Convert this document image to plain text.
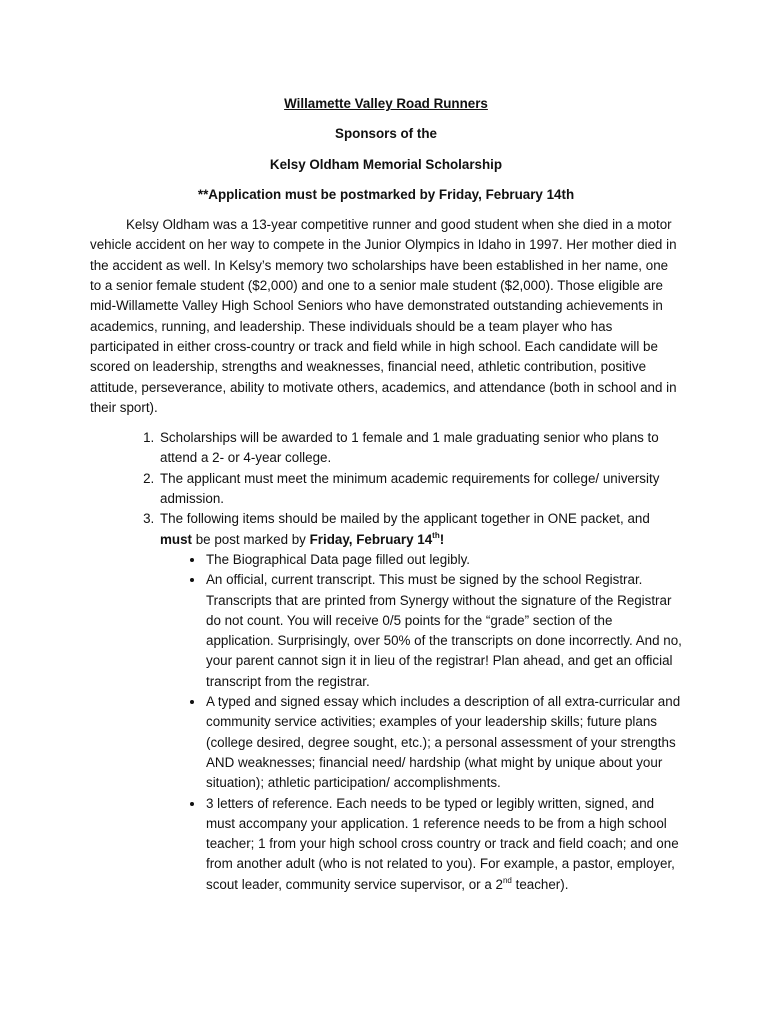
Willamette Valley Road Runners

Sponsors of the

Kelsy Oldham Memorial Scholarship

**Application must be postmarked by Friday, February 14th

Kelsy Oldham was a 13-year competitive runner and good student when she died in a motor vehicle accident on her way to compete in the Junior Olympics in Idaho in 1997. Her mother died in the accident as well. In Kelsy’s memory two scholarships have been established in her name, one to a senior female student ($2,000) and one to a senior male student ($2,000). Those eligible are mid-Willamette Valley High School Seniors who have demonstrated outstanding achievements in academics, running, and leadership. These individuals should be a team player who has participated in either cross-country or track and field while in high school. Each candidate will be scored on leadership, strengths and weaknesses, financial need, athletic contribution, positive attitude, perseverance, ability to motivate others, academics, and attendance (both in school and in their sport).

1. Scholarships will be awarded to 1 female and 1 male graduating senior who plans to attend a 2- or 4-year college.
2. The applicant must meet the minimum academic requirements for college/ university admission.
3. The following items should be mailed by the applicant together in ONE packet, and must be post marked by Friday, February 14th!
• The Biographical Data page filled out legibly.
• An official, current transcript. This must be signed by the school Registrar. Transcripts that are printed from Synergy without the signature of the Registrar do not count. You will receive 0/5 points for the “grade” section of the application. Surprisingly, over 50% of the transcripts on done incorrectly. And no, your parent cannot sign it in lieu of the registrar! Plan ahead, and get an official transcript from the registrar.
• A typed and signed essay which includes a description of all extra-curricular and community service activities; examples of your leadership skills; future plans (college desired, degree sought, etc.); a personal assessment of your strengths AND weaknesses; financial need/ hardship (what might by unique about your situation); athletic participation/ accomplishments.
• 3 letters of reference. Each needs to be typed or legibly written, signed, and must accompany your application. 1 reference needs to be from a high school teacher; 1 from your high school cross country or track and field coach; and one from another adult (who is not related to you). For example, a pastor, employer, scout leader, community service supervisor, or a 2nd teacher).
